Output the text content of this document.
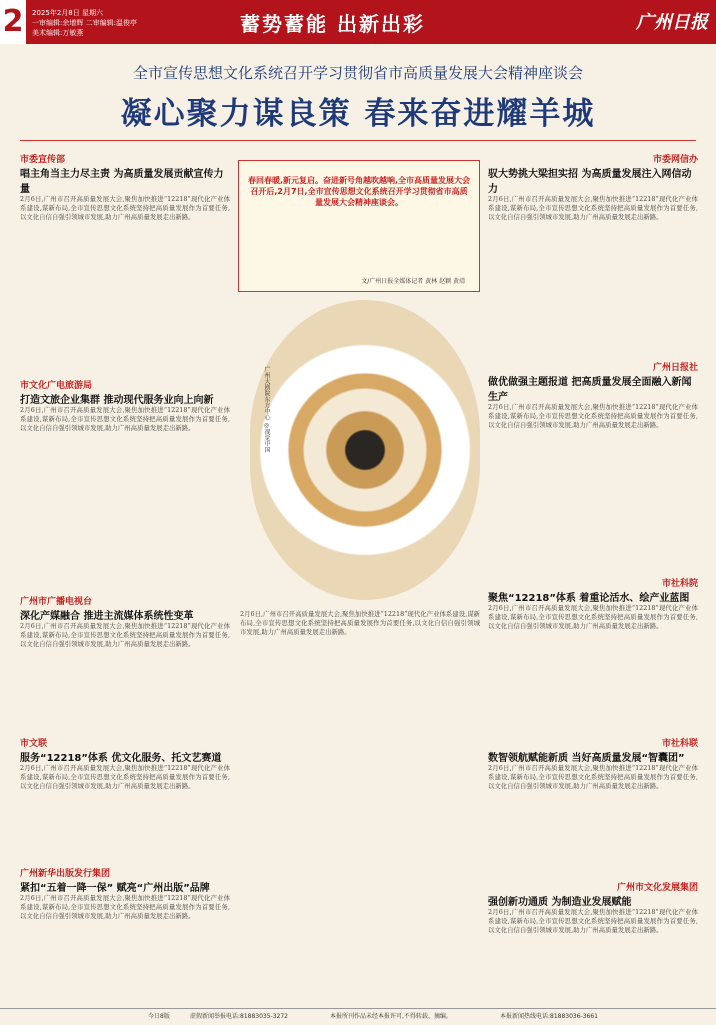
2	2025年2月8日 星期六
一审编辑:余增辉 二审编辑:温俊亭
美术编辑:万敏燕	蓄势蓄能 出新出彩	广州日报
全市宣传思想文化系统召开学习贯彻省市高质量发展大会精神座谈会
凝心聚力谋良策 春来奋进耀羊城
春回春暖,新元复启。奋进新号角越吹越响,全市高质量发展大会召开后,2月7日,全市宣传思想文化系统召开学习贯彻省市高质量发展大会精神座谈会。
文/广州日报全媒体记者 黄林 赵颖 黄靖
广州大剧院东方中心 ◎视觉中国
市委宣传部
唱主角当主力尽主责 为高质量发展贡献宣传力量
2月6日,广州市召开高质量发展大会,聚焦加快推进“12218”现代化产业体系建设,谋新布局,全市宣传思想文化系统坚持把高质量发展作为首要任务,以文化自信自强引领城市发展,助力广州高质量发展走出新路。
市文化广电旅游局
打造文旅企业集群 推动现代服务业向上向新
2月6日,广州市召开高质量发展大会,聚焦加快推进“12218”现代化产业体系建设,谋新布局,全市宣传思想文化系统坚持把高质量发展作为首要任务,以文化自信自强引领城市发展,助力广州高质量发展走出新路。
广州市广播电视台
深化产媒融合 推进主流媒体系统性变革
2月6日,广州市召开高质量发展大会,聚焦加快推进“12218”现代化产业体系建设,谋新布局,全市宣传思想文化系统坚持把高质量发展作为首要任务,以文化自信自强引领城市发展,助力广州高质量发展走出新路。
市文联
服务“12218”体系 优文化服务、托文艺赛道
2月6日,广州市召开高质量发展大会,聚焦加快推进“12218”现代化产业体系建设,谋新布局,全市宣传思想文化系统坚持把高质量发展作为首要任务,以文化自信自强引领城市发展,助力广州高质量发展走出新路。
广州新华出版发行集团
紧扣“五着一降一保” 赋亮“广州出版”品牌
2月6日,广州市召开高质量发展大会,聚焦加快推进“12218”现代化产业体系建设,谋新布局,全市宣传思想文化系统坚持把高质量发展作为首要任务,以文化自信自强引领城市发展,助力广州高质量发展走出新路。
市委网信办
驭大势挑大梁担实招 为高质量发展注入网信动力
2月6日,广州市召开高质量发展大会,聚焦加快推进“12218”现代化产业体系建设,谋新布局,全市宣传思想文化系统坚持把高质量发展作为首要任务,以文化自信自强引领城市发展,助力广州高质量发展走出新路。
广州日报社
做优做强主题报道 把高质量发展全面融入新闻生产
2月6日,广州市召开高质量发展大会,聚焦加快推进“12218”现代化产业体系建设,谋新布局,全市宣传思想文化系统坚持把高质量发展作为首要任务,以文化自信自强引领城市发展,助力广州高质量发展走出新路。
市社科院
聚焦“12218”体系 着重论活水、绘产业蓝图
2月6日,广州市召开高质量发展大会,聚焦加快推进“12218”现代化产业体系建设,谋新布局,全市宣传思想文化系统坚持把高质量发展作为首要任务,以文化自信自强引领城市发展,助力广州高质量发展走出新路。
市社科联
数智领航赋能新质 当好高质量发展“智囊团”
2月6日,广州市召开高质量发展大会,聚焦加快推进“12218”现代化产业体系建设,谋新布局,全市宣传思想文化系统坚持把高质量发展作为首要任务,以文化自信自强引领城市发展,助力广州高质量发展走出新路。
广州市文化发展集团
强创新功通质 为制造业发展赋能
2月6日,广州市召开高质量发展大会,聚焦加快推进“12218”现代化产业体系建设,谋新布局,全市宣传思想文化系统坚持把高质量发展作为首要任务,以文化自信自强引领城市发展,助力广州高质量发展走出新路。
2月6日,广州市召开高质量发展大会,聚焦加快推进“12218”现代化产业体系建设,谋新布局,全市宣传思想文化系统坚持把高质量发展作为首要任务,以文化自信自强引领城市发展,助力广州高质量发展走出新路。
今日8版	虚假新闻举报电话:81883035-3272	本报所刊作品未经本报许可,不得转载、摘编。	本报新闻热线电话:81883036-3661
